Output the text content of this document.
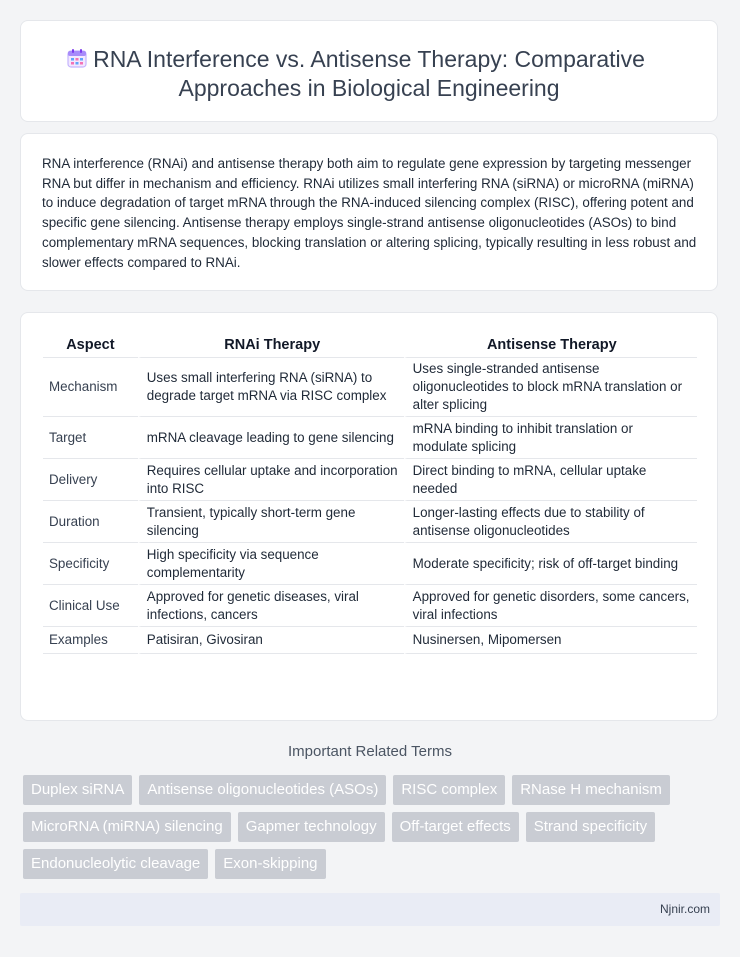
RNA Interference vs. Antisense Therapy: Comparative Approaches in Biological Engineering

RNA interference (RNAi) and antisense therapy both aim to regulate gene expression by targeting messenger RNA but differ in mechanism and efficiency. RNAi utilizes small interfering RNA (siRNA) or microRNA (miRNA) to induce degradation of target mRNA through the RNA-induced silencing complex (RISC), offering potent and specific gene silencing. Antisense therapy employs single-strand antisense oligonucleotides (ASOs) to bind complementary mRNA sequences, blocking translation or altering splicing, typically resulting in less robust and slower effects compared to RNAi.

Aspect	RNAi Therapy	Antisense Therapy
Mechanism	Uses small interfering RNA (siRNA) to degrade target mRNA via RISC complex	Uses single-stranded antisense oligonucleotides to block mRNA translation or alter splicing
Target	mRNA cleavage leading to gene silencing	mRNA binding to inhibit translation or modulate splicing
Delivery	Requires cellular uptake and incorporation into RISC	Direct binding to mRNA, cellular uptake needed
Duration	Transient, typically short-term gene silencing	Longer-lasting effects due to stability of antisense oligonucleotides
Specificity	High specificity via sequence complementarity	Moderate specificity; risk of off-target binding
Clinical Use	Approved for genetic diseases, viral infections, cancers	Approved for genetic disorders, some cancers, viral infections
Examples	Patisiran, Givosiran	Nusinersen, Mipomersen
Important Related Terms
Duplex siRNA	Antisense oligonucleotides (ASOs)	RISC complex	RNase H mechanism
MicroRNA (miRNA) silencing	Gapmer technology	Off-target effects	Strand specificity
Endonucleolytic cleavage	Exon-skipping
Njnir.com
